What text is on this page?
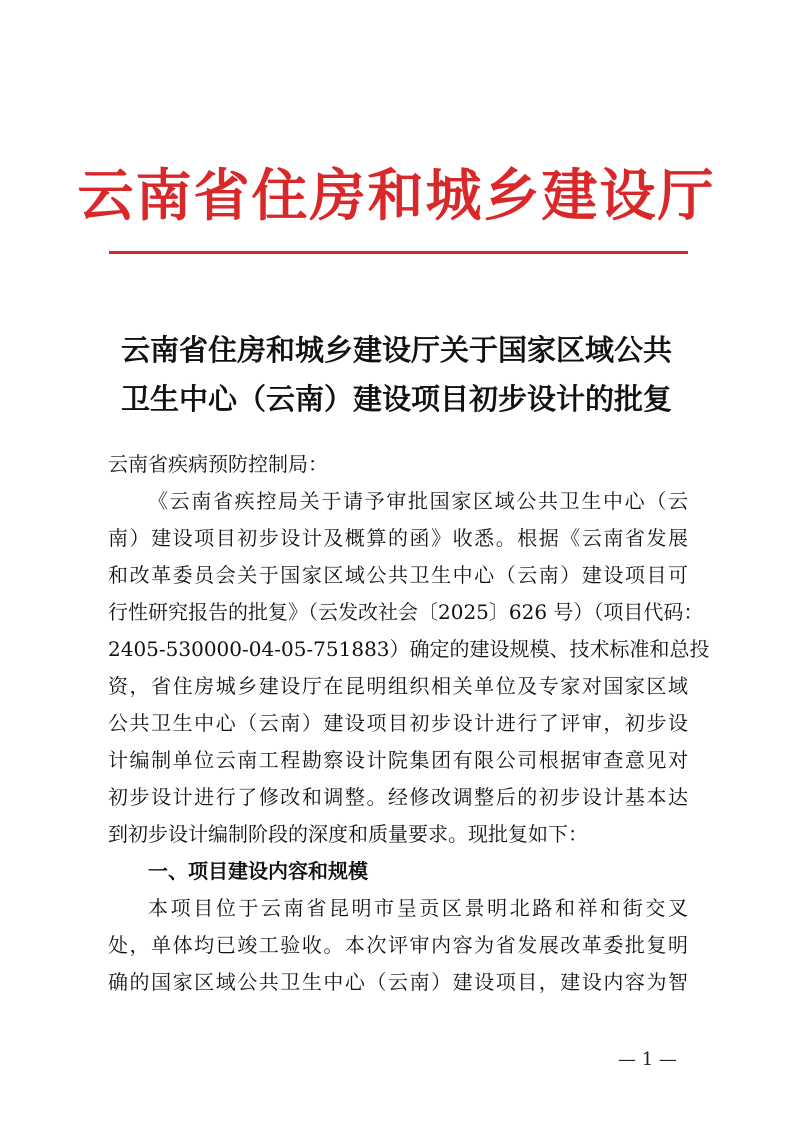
云南省住房和城乡建设厅
云南省住房和城乡建设厅关于国家区域公共
卫生中心（云南）建设项目初步设计的批复
云南省疾病预防控制局：
《云南省疾控局关于请予审批国家区域公共卫生中心（云
南）建设项目初步设计及概算的函》收悉。根据《云南省发展
和改革委员会关于国家区域公共卫生中心（云南）建设项目可
行性研究报告的批复》（云发改社会〔2025〕626 号）（项目代码：
2405-530000-04-05-751883）确定的建设规模、技术标准和总投
资，省住房城乡建设厅在昆明组织相关单位及专家对国家区域
公共卫生中心（云南）建设项目初步设计进行了评审，初步设
计编制单位云南工程勘察设计院集团有限公司根据审查意见对
初步设计进行了修改和调整。经修改调整后的初步设计基本达
到初步设计编制阶段的深度和质量要求。现批复如下：
一、项目建设内容和规模
本项目位于云南省昆明市呈贡区景明北路和祥和街交叉
处，单体均已竣工验收。本次评审内容为省发展改革委批复明
确的国家区域公共卫生中心（云南）建设项目，建设内容为智
— 1 —
